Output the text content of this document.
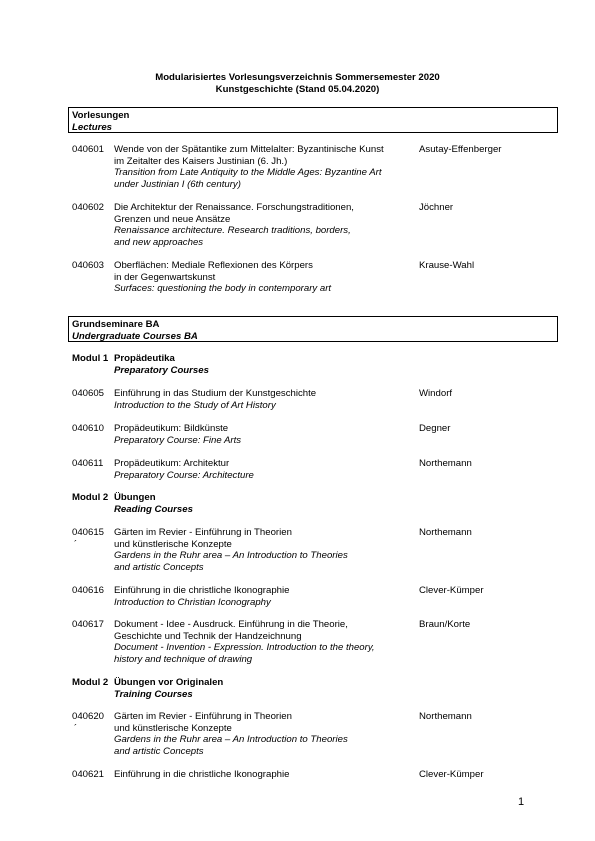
Modularisiertes Vorlesungsverzeichnis Sommersemester 2020
Kunstgeschichte (Stand 05.04.2020)
Vorlesungen
Lectures
Grundseminare BA
Undergraduate Courses BA
040601 Wende von der Spätantike zum Mittelalter: Byzantinische Kunst
im Zeitalter des Kaisers Justinian (6. Jh.)
Transition from Late Antiquity to the Middle Ages: Byzantine Art
under Justinian I (6th century)
Asutay-Effenberger
040602 Die Architektur der Renaissance. Forschungstraditionen,
Grenzen und neue Ansätze
Renaissance architecture. Research traditions, borders,
and new approaches
Jöchner
040603 Oberflächen: Mediale Reflexionen des Körpers
in der Gegenwartskunst
Surfaces: questioning the body in contemporary art
Krause-Wahl
Modul 1 Propädeutika
Preparatory Courses
040605 Einführung in das Studium der Kunstgeschichte
Introduction to the Study of Art History
Windorf
040610 Propädeutikum: Bildkünste
Preparatory Course: Fine Arts
Degner
040611 Propädeutikum: Architektur
Preparatory Course: Architecture
Northemann
Modul 2 Übungen
Reading Courses
040615
´
Gärten im Revier - Einführung in Theorien
und künstlerische Konzepte
Gardens in the Ruhr area – An Introduction to Theories
and artistic Concepts
Northemann
040616 Einführung in die christliche Ikonographie
Introduction to Christian Iconography
Clever-Kümper
040617 Dokument - Idee - Ausdruck. Einführung in die Theorie,
Geschichte und Technik der Handzeichnung
Document - Invention - Expression. Introduction to the theory,
history and technique of drawing
Braun/Korte
Modul 2 Übungen vor Originalen
Training Courses
040620
´
Gärten im Revier - Einführung in Theorien
und künstlerische Konzepte
Gardens in the Ruhr area – An Introduction to Theories
and artistic Concepts
Northemann
040621 Einführung in die christliche Ikonographie	Clever-Kümper
1
